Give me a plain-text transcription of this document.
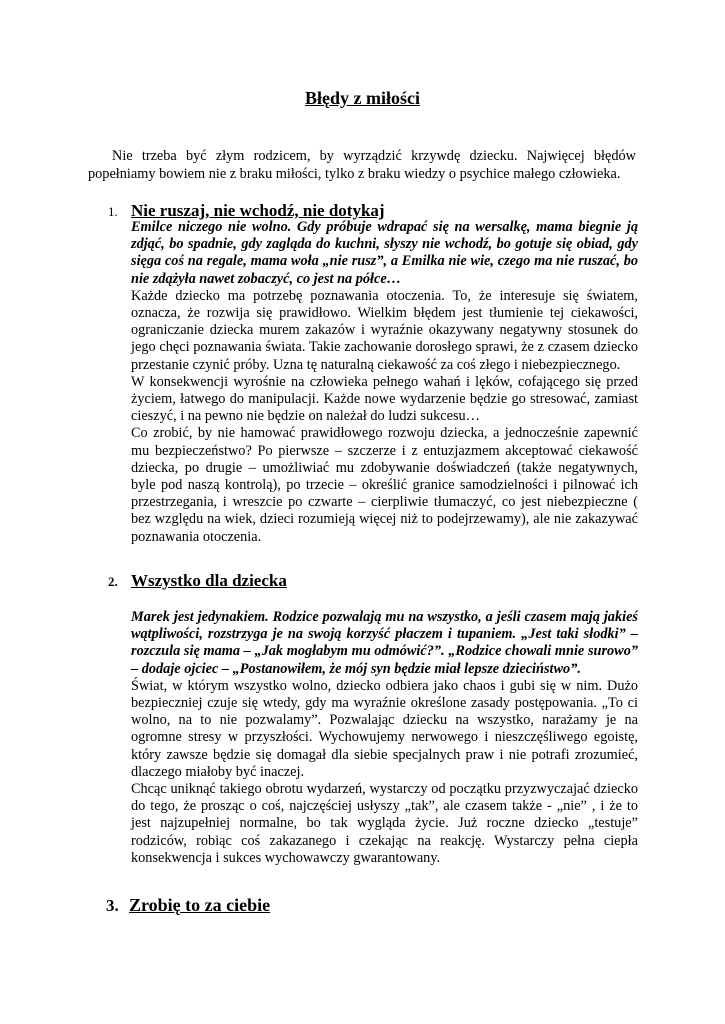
Błędy z miłości
Nie trzeba być złym rodzicem, by wyrządzić krzywdę dziecku. Najwięcej błędów popełniamy bowiem nie z braku miłości, tylko z braku wiedzy o psychice małego człowieka.
1. Nie ruszaj, nie wchodź, nie dotykaj

Emilce niczego nie wolno. Gdy próbuje wdrapać się na wersalkę, mama biegnie ją zdjąć, bo spadnie, gdy zagląda do kuchni, słyszy nie wchodź, bo gotuje się obiad, gdy sięga coś na regale, mama woła „nie rusz”, a Emilka nie wie, czego ma nie ruszać, bo nie zdążyła nawet zobaczyć, co jest na półce…

Każde dziecko ma potrzebę poznawania otoczenia. To, że interesuje się światem, oznacza, że rozwija się prawidłowo. Wielkim błędem jest tłumienie tej ciekawości, ograniczanie dziecka murem zakazów i wyraźnie okazywany negatywny stosunek do jego chęci poznawania świata. Takie zachowanie dorosłego sprawi, że z czasem dziecko przestanie czynić próby. Uzna tę naturalną ciekawość za coś złego i niebezpiecznego.

W konsekwencji wyrośnie na człowieka pełnego wahań i lęków, cofającego się przed życiem, łatwego do manipulacji. Każde nowe wydarzenie będzie go stresować, zamiast cieszyć, i na pewno nie będzie on należał do ludzi sukcesu…

Co zrobić, by nie hamować prawidłowego rozwoju dziecka, a jednocześnie zapewnić mu bezpieczeństwo? Po pierwsze – szczerze i z entuzjazmem akceptować ciekawość dziecka, po drugie – umożliwiać mu zdobywanie doświadczeń (także negatywnych, byle pod naszą kontrolą), po trzecie – określić granice samodzielności i pilnować ich przestrzegania, i wreszcie po czwarte – cierpliwie tłumaczyć, co jest niebezpieczne ( bez względu na wiek, dzieci rozumieją więcej niż to podejrzewamy), ale nie zakazywać poznawania otoczenia.

2. Wszystko dla dziecka

Marek jest jedynakiem. Rodzice pozwalają mu na wszystko, a jeśli czasem mają jakieś wątpliwości, rozstrzyga je na swoją korzyść płaczem i tupaniem. „Jest taki słodki” – rozczula się mama – „Jak mogłabym mu odmówić?”. „Rodzice chowali mnie surowo” – dodaje ojciec – „Postanowiłem, że mój syn będzie miał lepsze dzieciństwo”.

Świat, w którym wszystko wolno, dziecko odbiera jako chaos i gubi się w nim. Dużo bezpieczniej czuje się wtedy, gdy ma wyraźnie określone zasady postępowania. „To ci wolno, na to nie pozwalamy”. Pozwalając dziecku na wszystko, narażamy je na ogromne stresy w przyszłości. Wychowujemy nerwowego i nieszczęśliwego egoistę, który zawsze będzie się domagał dla siebie specjalnych praw i nie potrafi zrozumieć, dlaczego miałoby być inaczej.

Chcąc uniknąć takiego obrotu wydarzeń, wystarczy od początku przyzwyczajać dziecko do tego, że prosząc o coś, najczęściej usłyszy „tak”, ale czasem także - „nie” , i że to jest najzupełniej normalne, bo tak wygląda życie. Już roczne dziecko „testuje” rodziców, robiąc coś zakazanego i czekając na reakcję. Wystarczy pełna ciepła konsekwencja i sukces wychowawczy gwarantowany.

3. Zrobię to za ciebie
